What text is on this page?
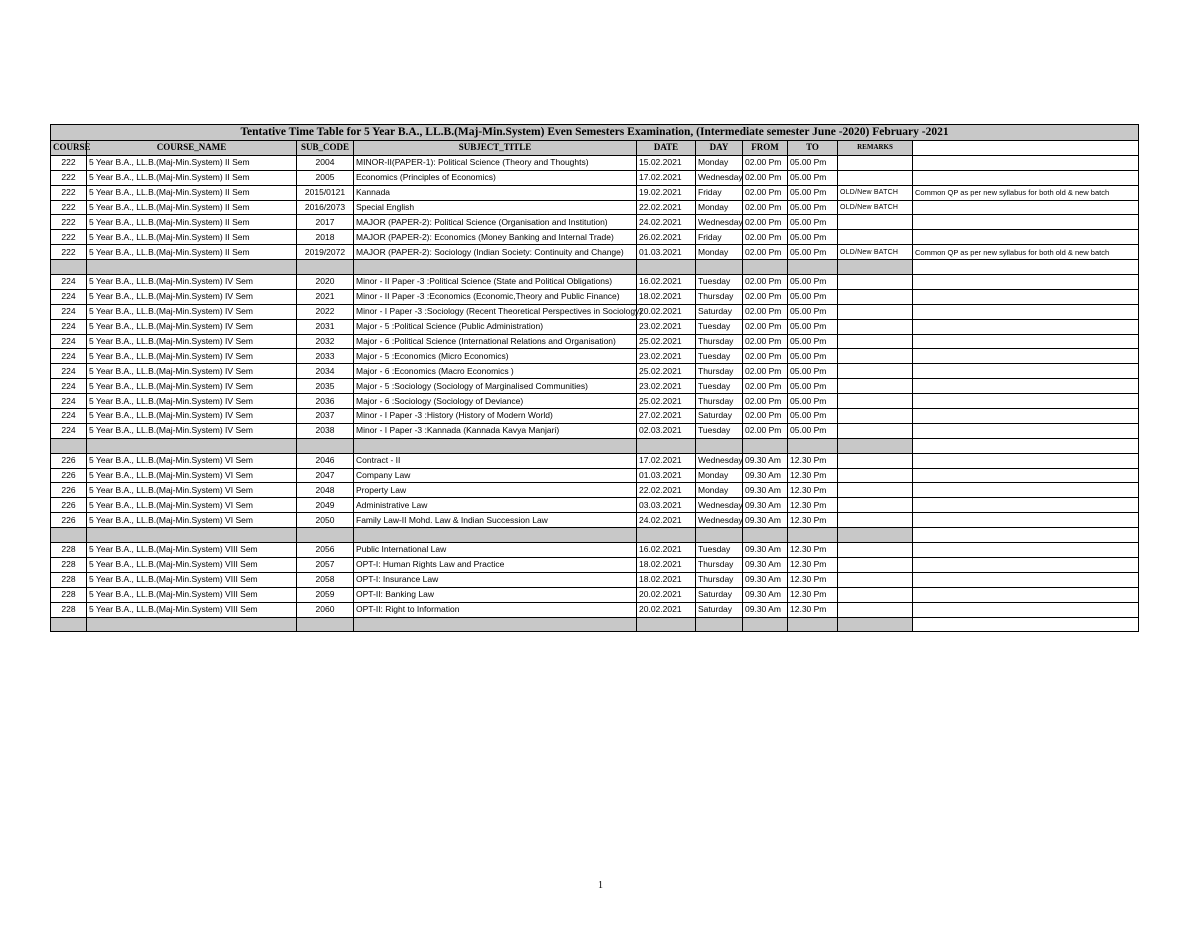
Tentative Time Table for 5 Year B.A., LL.B.(Maj-Min.System) Even Semesters Examination, (Intermediate semester June -2020) February -2021									
COURSE	COURSE_NAME	SUB_CODE	SUBJECT_TITLE	DATE	DAY	FROM	TO	REMARKS	
222	5 Year B.A., LL.B.(Maj-Min.System) II Sem	2004	MINOR-II(PAPER-1): Political Science (Theory and Thoughts)	15.02.2021	Monday	02.00 Pm	05.00 Pm		
222	5 Year B.A., LL.B.(Maj-Min.System) II Sem	2005	Economics (Principles of Economics)	17.02.2021	Wednesday	02.00 Pm	05.00 Pm		
222	5 Year B.A., LL.B.(Maj-Min.System) II Sem	2015/0121	Kannada	19.02.2021	Friday	02.00 Pm	05.00 Pm	OLD/New BATCH	Common QP as per new syllabus for both old & new batch
222	5 Year B.A., LL.B.(Maj-Min.System) II Sem	2016/2073	Special English	22.02.2021	Monday	02.00 Pm	05.00 Pm	OLD/New BATCH	
222	5 Year B.A., LL.B.(Maj-Min.System) II Sem	2017	MAJOR (PAPER-2): Political Science (Organisation and Institution)	24.02.2021	Wednesday	02.00 Pm	05.00 Pm		
222	5 Year B.A., LL.B.(Maj-Min.System) II Sem	2018	MAJOR (PAPER-2): Economics (Money Banking and Internal Trade)	26.02.2021	Friday	02.00 Pm	05.00 Pm		
222	5 Year B.A., LL.B.(Maj-Min.System) II Sem	2019/2072	MAJOR (PAPER-2): Sociology (Indian Society: Continuity and Change)	01.03.2021	Monday	02.00 Pm	05.00 Pm	OLD/New BATCH	Common QP as per new syllabus for both old & new batch

224	5 Year B.A., LL.B.(Maj-Min.System) IV Sem	2020	Minor - II Paper -3 :Political Science (State and Political Obligations)	16.02.2021	Tuesday	02.00 Pm	05.00 Pm		
224	5 Year B.A., LL.B.(Maj-Min.System) IV Sem	2021	Minor - II Paper -3 :Economics (Economic,Theory and Public Finance)	18.02.2021	Thursday	02.00 Pm	05.00 Pm		
224	5 Year B.A., LL.B.(Maj-Min.System) IV Sem	2022	Minor - I Paper -3 :Sociology (Recent Theoretical Perspectives in Sociology)	20.02.2021	Saturday	02.00 Pm	05.00 Pm		
224	5 Year B.A., LL.B.(Maj-Min.System) IV Sem	2031	Major - 5 :Political Science (Public Administration)	23.02.2021	Tuesday	02.00 Pm	05.00 Pm		
224	5 Year B.A., LL.B.(Maj-Min.System) IV Sem	2032	Major - 6 :Political Science (International Relations and Organisation)	25.02.2021	Thursday	02.00 Pm	05.00 Pm		
224	5 Year B.A., LL.B.(Maj-Min.System) IV Sem	2033	Major - 5 :Economics (Micro Economics)	23.02.2021	Tuesday	02.00 Pm	05.00 Pm		
224	5 Year B.A., LL.B.(Maj-Min.System) IV Sem	2034	Major - 6 :Economics (Macro Economics )	25.02.2021	Thursday	02.00 Pm	05.00 Pm		
224	5 Year B.A., LL.B.(Maj-Min.System) IV Sem	2035	Major - 5 :Sociology (Sociology of Marginalised Communities)	23.02.2021	Tuesday	02.00 Pm	05.00 Pm		
224	5 Year B.A., LL.B.(Maj-Min.System) IV Sem	2036	Major - 6 :Sociology (Sociology of Deviance)	25.02.2021	Thursday	02.00 Pm	05.00 Pm		
224	5 Year B.A., LL.B.(Maj-Min.System) IV Sem	2037	Minor - I Paper -3 :History (History of Modern World)	27.02.2021	Saturday	02.00 Pm	05.00 Pm		
224	5 Year B.A., LL.B.(Maj-Min.System) IV Sem	2038	Minor - I Paper -3 :Kannada (Kannada Kavya Manjari)	02.03.2021	Tuesday	02.00 Pm	05.00 Pm		

226	5 Year B.A., LL.B.(Maj-Min.System) VI Sem	2046	Contract - II	17.02.2021	Wednesday	09.30 Am	12.30 Pm		
226	5 Year B.A., LL.B.(Maj-Min.System) VI Sem	2047	Company Law	01.03.2021	Monday	09.30 Am	12.30 Pm		
226	5 Year B.A., LL.B.(Maj-Min.System) VI Sem	2048	Property Law	22.02.2021	Monday	09.30 Am	12.30 Pm		
226	5 Year B.A., LL.B.(Maj-Min.System) VI Sem	2049	Administrative Law	03.03.2021	Wednesday	09.30 Am	12.30 Pm		
226	5 Year B.A., LL.B.(Maj-Min.System) VI Sem	2050	Family Law-II Mohd. Law & Indian Succession Law	24.02.2021	Wednesday	09.30 Am	12.30 Pm		

228	5 Year B.A., LL.B.(Maj-Min.System) VIII Sem	2056	Public International Law	16.02.2021	Tuesday	09.30 Am	12.30 Pm		
228	5 Year B.A., LL.B.(Maj-Min.System) VIII Sem	2057	OPT-I: Human Rights Law and Practice	18.02.2021	Thursday	09.30 Am	12.30 Pm		
228	5 Year B.A., LL.B.(Maj-Min.System) VIII Sem	2058	OPT-I: Insurance Law	18.02.2021	Thursday	09.30 Am	12.30 Pm		
228	5 Year B.A., LL.B.(Maj-Min.System) VIII Sem	2059	OPT-II: Banking Law	20.02.2021	Saturday	09.30 Am	12.30 Pm		
228	5 Year B.A., LL.B.(Maj-Min.System) VIII Sem	2060	OPT-II: Right to Information	20.02.2021	Saturday	09.30 Am	12.30 Pm		

1
